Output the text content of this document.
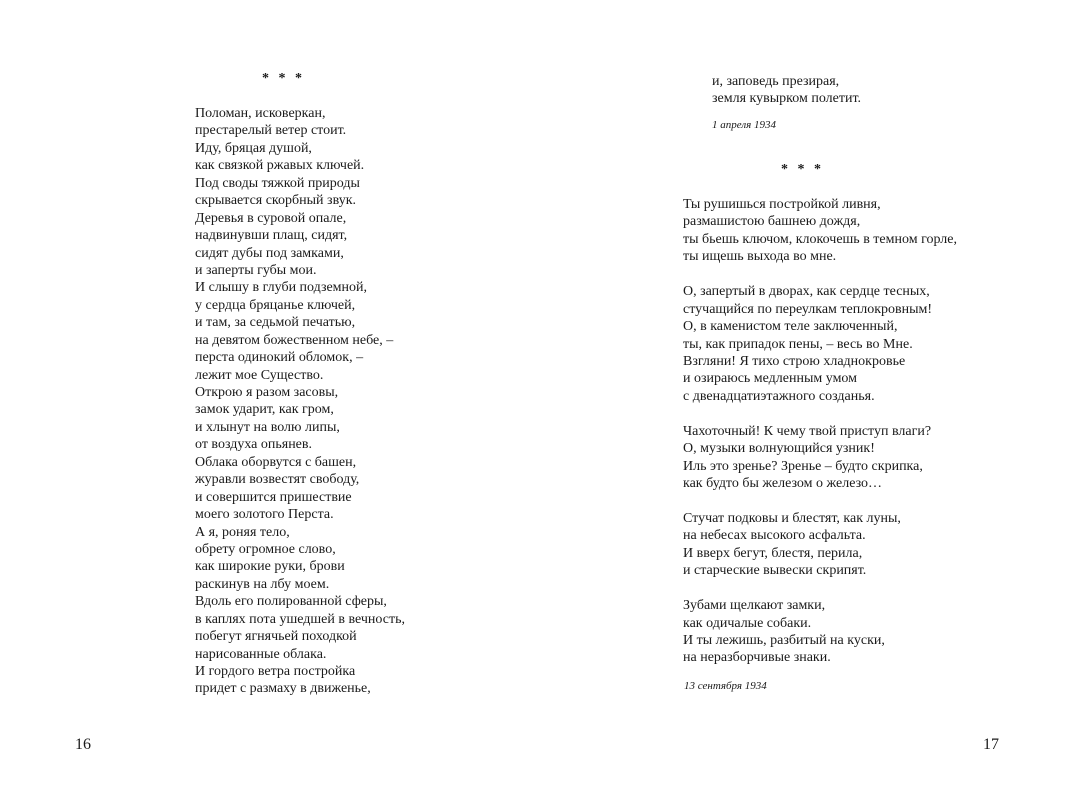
* * *
Поломан, исковеркан,
престарелый ветер стоит.
Иду, бряцая душой,
как связкой ржавых ключей.
Под своды тяжкой природы
скрывается скорбный звук.
Деревья в суровой опале,
надвинувши плащ, сидят,
сидят дубы под замками,
и заперты губы мои.
И слышу в глуби подземной,
у сердца бряцанье ключей,
и там, за седьмой печатью,
на девятом божественном небе, –
перста одинокий обломок, –
лежит мое Существо.
Открою я разом засовы,
замок ударит, как гром,
и хлынут на волю липы,
от воздуха опьянев.
Облака оборвутся с башен,
журавли возвестят свободу,
и совершится пришествие
моего золотого Перста.
А я, роняя тело,
обрету огромное слово,
как широкие руки, брови
раскинув на лбу моем.
Вдоль его полированной сферы,
в каплях пота ушедшей в вечность,
побегут ягнячьей походкой
нарисованные облака.
И гордого ветра постройка
придет с размаху в движенье,
16
и, заповедь презирая,
земля кувырком полетит.
1 апреля 1934
* * *
Ты рушишься постройкой ливня,
размашистою башнею дождя,
ты бьешь ключом, клокочешь в темном горле,
ты ищешь выхода во мне.
О, запертый в дворах, как сердце тесных,
стучащийся по переулкам теплокровным!
О, в каменистом теле заключенный,
ты, как припадок пены, – весь во Мне.
Взгляни! Я тихо строю хладнокровье
и озираюсь медленным умом
с двенадцатиэтажного созданья.
Чахоточный! К чему твой приступ влаги?
О, музыки волнующийся узник!
Иль это зренье? Зренье – будто скрипка,
как будто бы железом о железо…
Стучат подковы и блестят, как луны,
на небесах высокого асфальта.
И вверх бегут, блестя, перила,
и старческие вывески скрипят.
Зубами щелкают замки,
как одичалые собаки.
И ты лежишь, разбитый на куски,
на неразборчивые знаки.
13 сентября 1934
17
